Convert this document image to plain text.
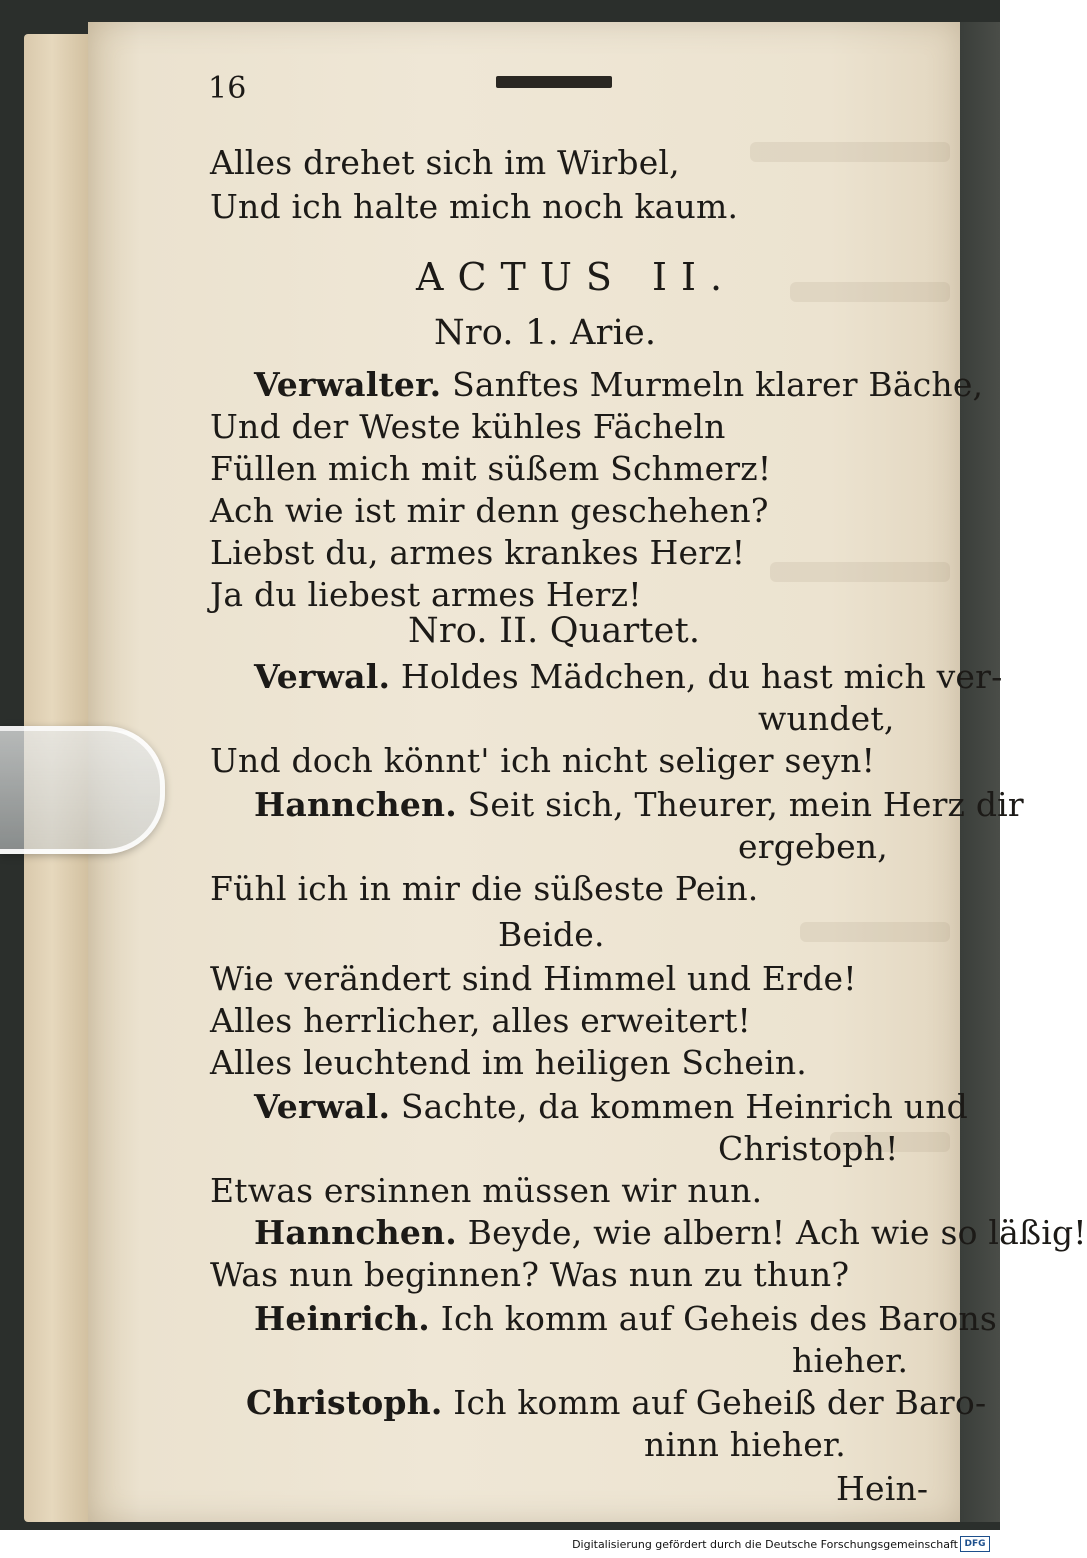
16
Alles drehet sich im Wirbel,
Und ich halte mich noch kaum.
ACTUS II.
Nro. 1. Arie.
Verwalter. Sanftes Murmeln klarer Bäche,
Und der Weste kühles Fächeln
Füllen mich mit süßem Schmerz!
Ach wie ist mir denn geschehen?
Liebst du, armes krankes Herz!
Ja du liebest armes Herz!
Nro. II. Quartet.
Verwal. Holdes Mädchen, du hast mich ver-
wundet,
Und doch könnt' ich nicht seliger seyn!
Hannchen. Seit sich, Theurer, mein Herz dir
ergeben,
Fühl ich in mir die süßeste Pein.
Beide.
Wie verändert sind Himmel und Erde!
Alles herrlicher, alles erweitert!
Alles leuchtend im heiligen Schein.
Verwal. Sachte, da kommen Heinrich und
Christoph!
Etwas ersinnen müssen wir nun.
Hannchen. Beyde, wie albern! Ach wie so läßig!
Was nun beginnen? Was nun zu thun?
Heinrich. Ich komm auf Geheis des Barons
hieher.
Christoph. Ich komm auf Geheiß der Baro-
ninn hieher.
Hein-
Digitalisierung gefördert durch die Deutsche Forschungsgemeinschaft DFG
